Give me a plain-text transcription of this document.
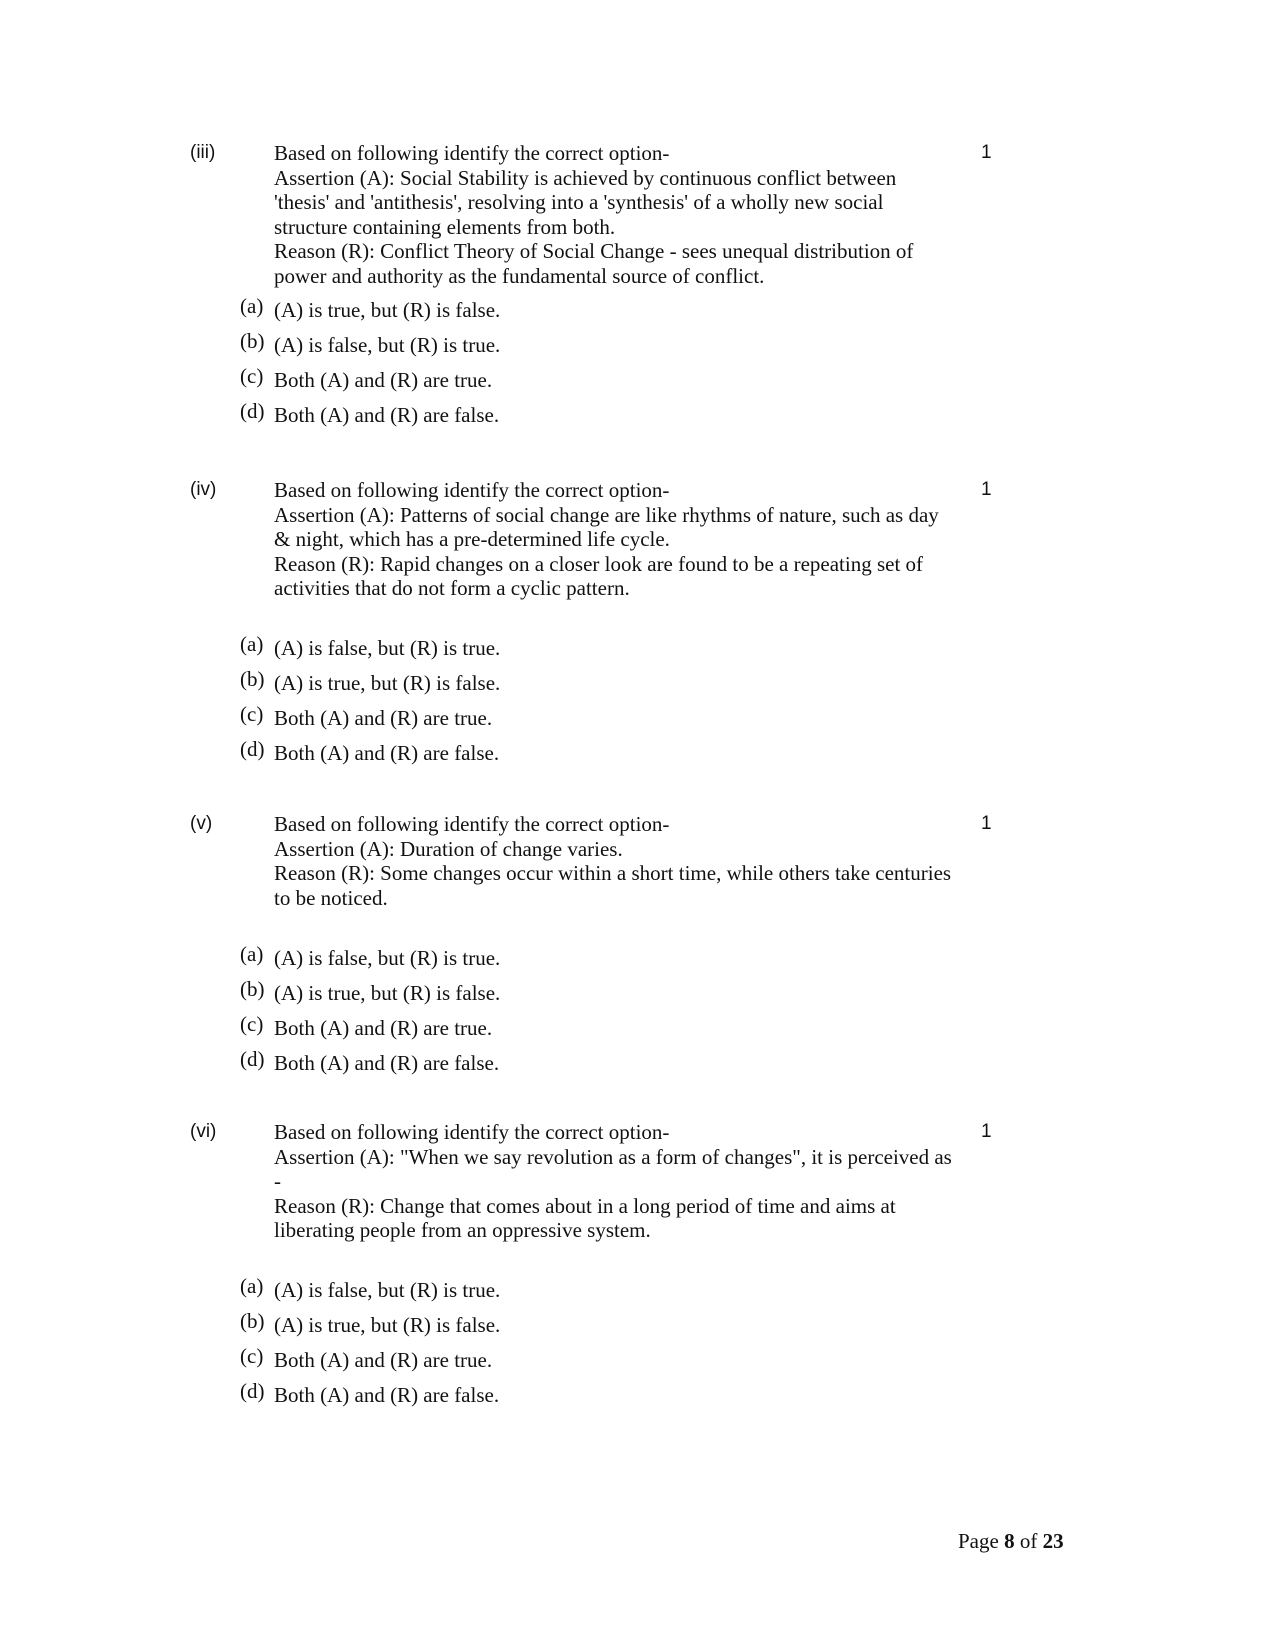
(iii)	1

Based on following identify the correct option-

Assertion (A): Social Stability is achieved by continuous conflict between

'thesis' and 'antithesis', resolving into a 'synthesis' of a wholly new social

structure containing elements from both.

Reason (R): Conflict Theory of Social Change - sees unequal distribution of

power and authority as the fundamental source of conflict.

(a) (A) is true, but (R) is false.
(b) (A) is false, but (R) is true.
(c) Both (A) and (R) are true.
(d) Both (A) and (R) are false.
(iv)	1

Based on following identify the correct option-

Assertion (A): Patterns of social change are like rhythms of nature, such as day

& night, which has a pre-determined life cycle.

Reason (R): Rapid changes on a closer look are found to be a repeating set of

activities that do not form a cyclic pattern.

(a) (A) is false, but (R) is true.
(b) (A) is true, but (R) is false.
(c) Both (A) and (R) are true.
(d) Both (A) and (R) are false.
(v)	1

Based on following identify the correct option-

Assertion (A): Duration of change varies.

Reason (R): Some changes occur within a short time, while others take centuries

to be noticed.

(a) (A) is false, but (R) is true.
(b) (A) is true, but (R) is false.
(c) Both (A) and (R) are true.
(d) Both (A) and (R) are false.
(vi)	1

Based on following identify the correct option-

Assertion (A): "When we say revolution as a form of changes", it is perceived as

-

Reason (R): Change that comes about in a long period of time and aims at

liberating people from an oppressive system.

(a) (A) is false, but (R) is true.
(b) (A) is true, but (R) is false.
(c) Both (A) and (R) are true.
(d) Both (A) and (R) are false.
Page 8 of 23
